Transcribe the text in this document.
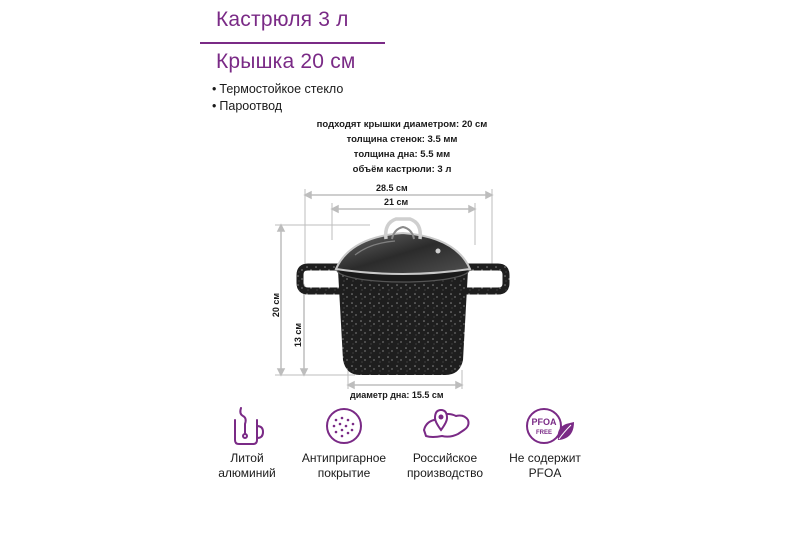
Кастрюля 3 л
Крышка 20 см
• Термостойкое стекло
• Пароотвод
подходят крышки диаметром: 20 см
толщина стенок: 3.5 мм
толщина дна: 5.5 мм
объём кастрюли: 3 л
28.5 см
21 см
20 см
13 см
диаметр дна: 15.5 см
PFOA
FREE
Литой
алюминий
Антипригарное
покрытие
Российское
производство
Не содержит
PFOA
